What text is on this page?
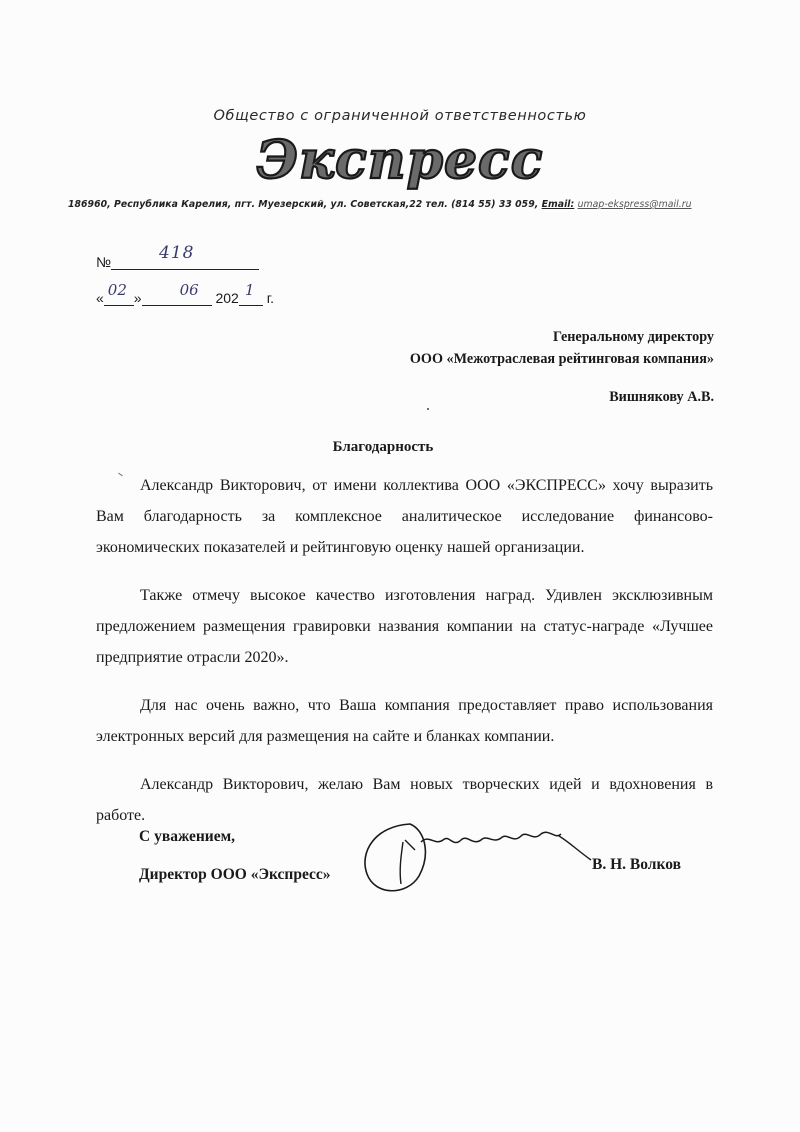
Общество с ограниченной ответственностью
Экспресс
186960, Республика Карелия, пгт. Муезерский, ул. Советская,22 тел. (814 55) 33 059, Email: umap-ekspress@mail.ru
№	418
« 02 »	06 202 1 г.
Генеральному директору
ООО «Межотраслевая рейтинговая компания»
Вишнякову А.В.
Благодарность

Александр Викторович, от имени коллектива ООО «ЭКСПРЕСС» хочу выразить Вам благодарность за комплексное аналитическое исследование финансово-экономических показателей и рейтинговую оценку нашей организации.

Также отмечу высокое качество изготовления наград. Удивлен эксклюзивным предложением размещения гравировки названия компании на статус-награде «Лучшее предприятие отрасли 2020».

Для нас очень важно, что Ваша компания предоставляет право использования электронных версий для размещения на сайте и бланках компании.

Александр Викторович, желаю Вам новых творческих идей и вдохновения в работе.

С уважением,
Директор ООО «Экспресс»
В. Н. Волков
